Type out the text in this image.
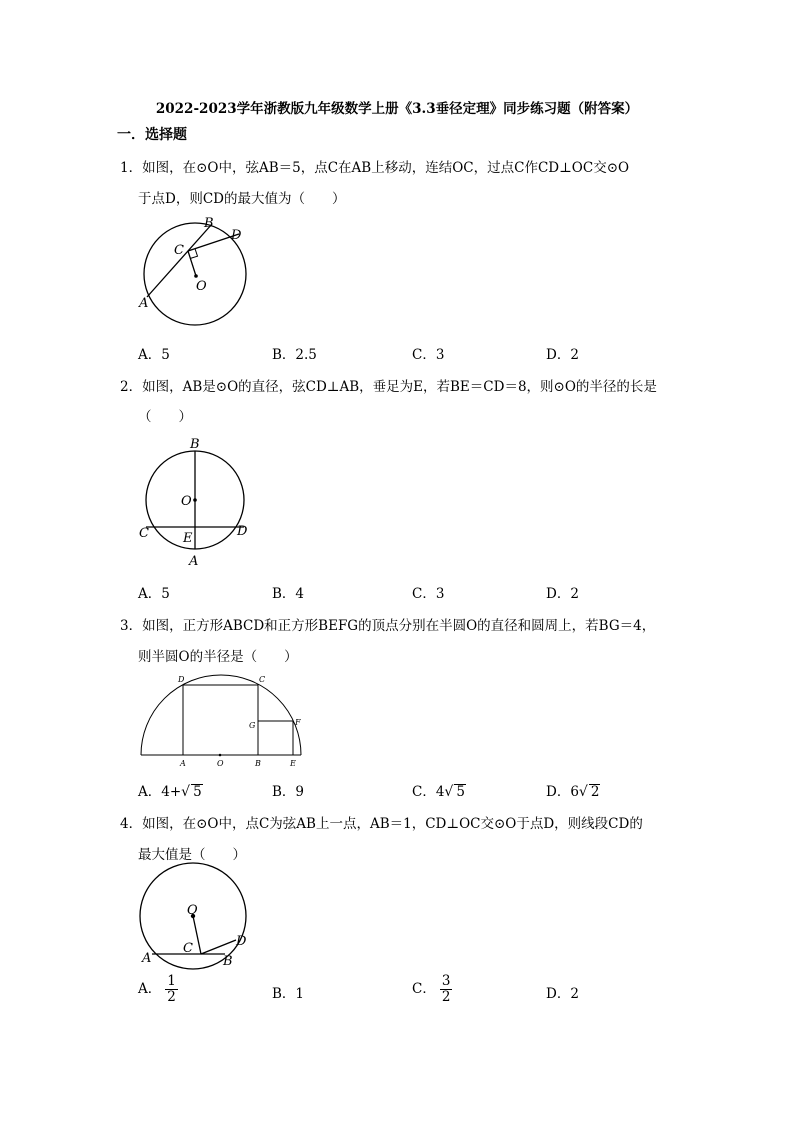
2022-2023学年浙教版九年级数学上册《3.3垂径定理》同步练习题（附答案）
一．选择题
1．如图，在⊙O中，弦AB＝5，点C在AB上移动，连结OC，过点C作CD⊥OC交⊙O
于点D，则CD的最大值为（　　）
B
C
D
O
A
A．5	B．2.5	C．3	D．2
2．如图，AB是⊙O的直径，弦CD⊥AB，垂足为E，若BE＝CD＝8，则⊙O的半径的长是
（　　）
B
O
C	D
E
A
A．5	B．4	C．3	D．2
3．如图，正方形ABCD和正方形BEFG的顶点分别在半圆O的直径和圆周上，若BG＝4，
则半圆O的半径是（　　）
D	C
G	F
A	O	B	E
A．4+√ 5	B．9	C．4√ 5	D．6√ 2
4．如图，在⊙O中，点C为弦AB上一点，AB＝1，CD⊥OC交⊙O于点D，则线段CD的
最大值是（　　）
O
C	D
A	B
A． $\frac{1}{2}$	B．1	C． $\frac{3}{2}$	D．2
